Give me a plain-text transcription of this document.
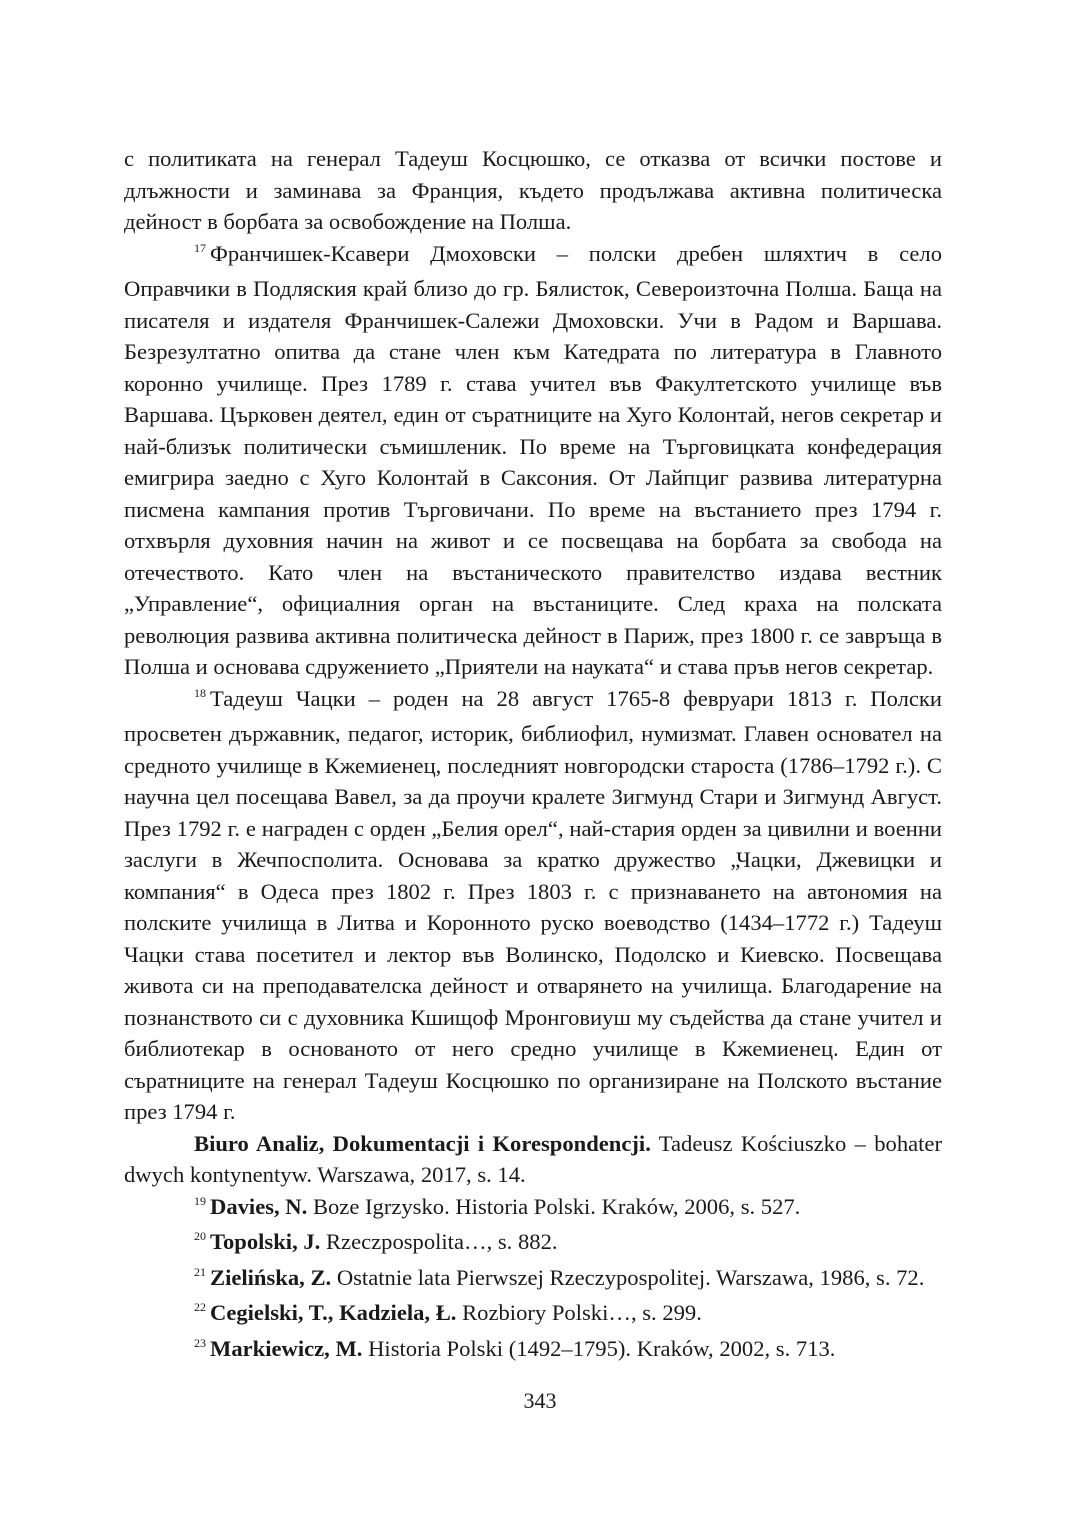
с политиката на генерал Тадеуш Косцюшко, се отказва от всички постове и длъжности и заминава за Франция, където продължава активна политическа дейност в борбата за освобождение на Полша.

$^{17}$ Франчишек-Ксавери Дмоховски – полски дребен шляхтич в село Оправчики в Подляския край близо до гр. Бялисток, Североизточна Полша. Баща на писателя и издателя Франчишек-Салежи Дмоховски. Учи в Радом и Варшава. Безрезултатно опитва да стане член към Катедрата по литература в Главното коронно училище. През 1789 г. става учител във Факултетското училище във Варшава. Църковен деятел, един от съратниците на Хуго Колонтай, негов секретар и най-близък политически съмишленик. По време на Търговицката конфедерация емигрира заедно с Хуго Колонтай в Саксония. От Лайпциг развива литературна писмена кампания против Търговичани. По време на въстанието през 1794 г. отхвърля духовния начин на живот и се посвещава на борбата за свобода на отечеството. Като член на въстаническото правителство издава вестник „Управление“, официалния орган на въстаниците. След краха на полската революция развива активна политическа дейност в Париж, през 1800 г. се завръща в Полша и основава сдружението „Приятели на науката“ и става пръв негов секретар.

$^{18}$ Тадеуш Чацки – роден на 28 август 1765-8 февруари 1813 г. Полски просветен държавник, педагог, историк, библиофил, нумизмат. Главен основател на средното училище в Кжемиенец, последният новгородски староста (1786–1792 г.). С научна цел посещава Вавел, за да проучи кралете Зигмунд Стари и Зигмунд Август. През 1792 г. е награден с орден „Белия орел“, най-стария орден за цивилни и военни заслуги в Жечпосполита. Основава за кратко дружество „Чацки, Джевицки и компания“ в Одеса през 1802 г. През 1803 г. с признаването на автономия на полските училища в Литва и Коронното руско воеводство (1434–1772 г.) Тадеуш Чацки става посетител и лектор във Волинско, Подолско и Киевско. Посвещава живота си на преподавателска дейност и отварянето на училища. Благодарение на познанството си с духовника Кшищоф Мронговиуш му съдейства да стане учител и библиотекар в основаното от него средно училище в Кжемиенец. Един от съратниците на генерал Тадеуш Косцюшко по организиране на Полското въстание през 1794 г.

Biuro Analiz, Dokumentacji i Korespondencji. Tadeusz Kościuszko – bohater dwych kontynentyw. Warszawa, 2017, s. 14.

$^{19}$ Davies, N. Boze Igrzysko. Historia Polski. Kraków, 2006, s. 527.

$^{20}$ Topolski, J. Rzeczpospolita…, s. 882.

$^{21}$ Zielińska, Z. Ostatnie lata Pierwszej Rzeczypospolitej. Warszawa, 1986, s. 72.

$^{22}$ Cegielski, T., Kadziela, Ł. Rozbiory Polski…, s. 299.

$^{23}$ Markiewicz, M. Historia Polski (1492–1795). Kraków, 2002, s. 713.

343
